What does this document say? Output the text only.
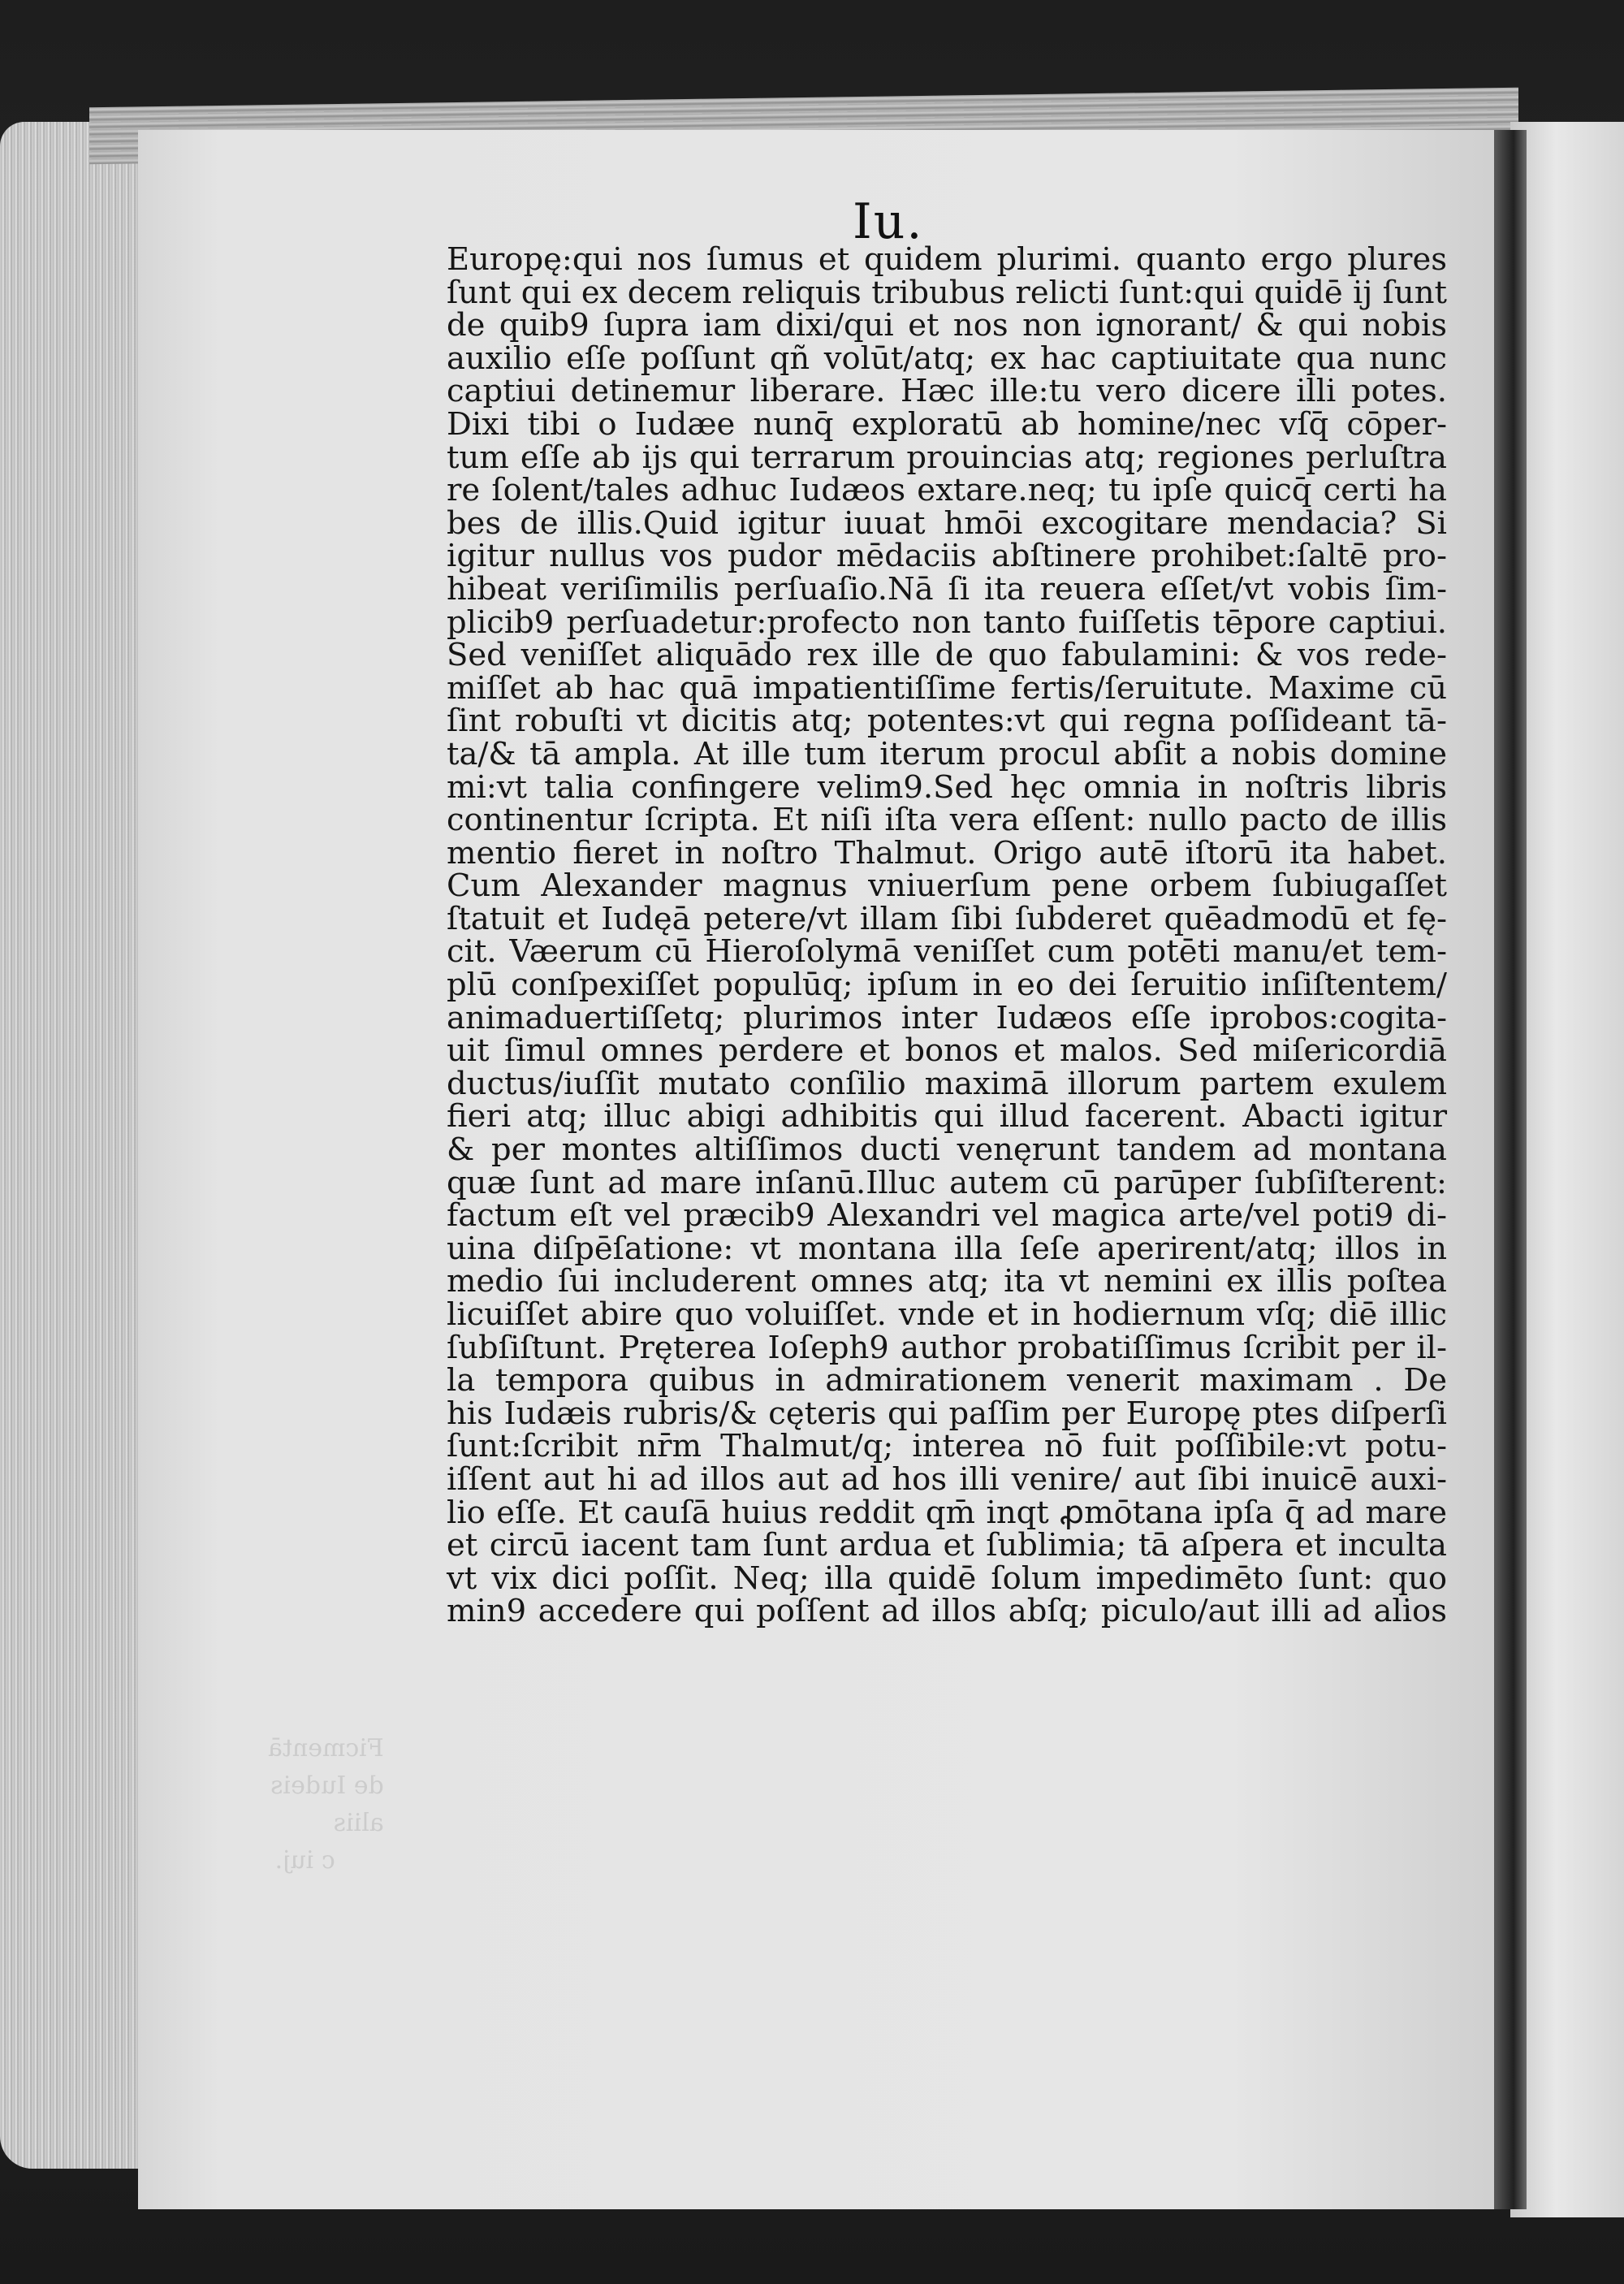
Ficmentā
de Iudeis
aliis
c iuj.
Iu.
Europę:qui nos ſumus et quidem plurimi. quanto ergo plures
ſunt qui ex decem reliquis tribubus relicti ſunt:qui quidē ij ſunt
de quib9 ſupra iam dixi/qui et nos non ignorant/ & qui nobis
auxilio eſſe poſſunt qñ volūt/atq; ex hac captiuitate qua nunc
captiui detinemur liberare. Hæc ille:tu vero dicere illi potes.
Dixi tibi o Iudæe nunq̄ exploratū ab homine/nec vſq̄ cōper-
tum eſſe ab ijs qui terrarum prouincias atq; regiones perluſtra
re ſolent/tales adhuc Iudæos extare.neq; tu ipſe quicq̄ certi ha
bes de illis.Quid igitur iuuat hmōi excogitare mendacia? Si
igitur nullus vos pudor mēdaciis abſtinere prohibet:ſaltē pro-
hibeat veriſimilis perſuaſio.Nā ſi ita reuera eſſet/vt vobis ſim-
plicib9 perſuadetur:profecto non tanto fuiſſetis tēpore captiui.
Sed veniſſet aliquādo rex ille de quo fabulamini: & vos rede-
miſſet ab hac quā impatientiſſime fertis/ſeruitute. Maxime cū
ſint robuſti vt dicitis atq; potentes:vt qui regna poſſideant tā-
ta/& tā ampla. At ille tum iterum procul abſit a nobis domine
mi:vt talia confingere velim9.Sed hęc omnia in noſtris libris
continentur ſcripta. Et niſi iſta vera eſſent: nullo pacto de illis
mentio fieret in noſtro Thalmut. Origo autē iſtorū ita habet.
Cum Alexander magnus vniuerſum pene orbem ſubiugaſſet
ſtatuit et Iudęā petere/vt illam ſibi ſubderet quēadmodū et fę-
cit. Væerum cū Hieroſolymā veniſſet cum potēti manu/et tem-
plū conſpexiſſet populūq; ipſum in eo dei ſeruitio inſiſtentem/
animaduertiſſetq; plurimos inter Iudæos eſſe iprobos:cogita-
uit ſimul omnes perdere et bonos et malos. Sed miſericordiā
ductus/iuſſit mutato conſilio maximā illorum partem exulem
fieri atq; illuc abigi adhibitis qui illud facerent. Abacti igitur
& per montes altiſſimos ducti venęrunt tandem ad montana
quæ ſunt ad mare inſanū.Illuc autem cū parūper ſubſiſterent:
factum eſt vel præcib9 Alexandri vel magica arte/vel poti9 di-
uina diſpēſatione: vt montana illa ſeſe aperirent/atq; illos in
medio ſui includerent omnes atq; ita vt nemini ex illis poſtea
licuiſſet abire quo voluiſſet. vnde et in hodiernum vſq; diē illic
ſubſiſtunt. Pręterea Ioſeph9 author probatiſſimus ſcribit per il-
la tempora quibus in admirationem venerit maximam . De
his Iudæis rubris/& cęteris qui paſſim per Europę ptes diſperſi
ſunt:ſcribit nr̄m Thalmut/q; interea nō fuit poſſibile:vt potu-
iſſent aut hi ad illos aut ad hos illi venire/ aut ſibi inuicē auxi-
lio eſſe. Et cauſā huius reddit qm̄ inqt ꝓmōtana ipſa q̄ ad mare
et circū iacent tam ſunt ardua et ſublimia; tā aſpera et inculta
vt vix dici poſſit. Neq; illa quidē ſolum impedimēto ſunt: quo
min9 accedere qui poſſent ad illos abſq; piculo/aut illi ad alios
